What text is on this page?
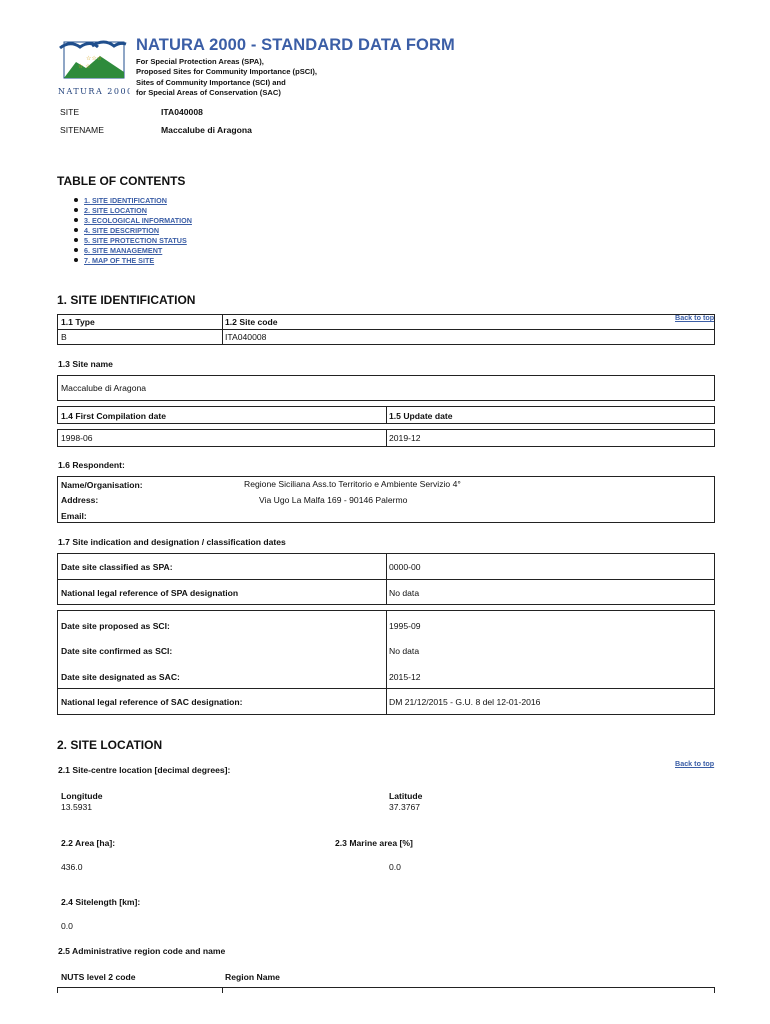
☆☆☆
☆ ☆
NATURA 2000
NATURA 2000 - STANDARD DATA FORM
For Special Protection Areas (SPA),
Proposed Sites for Community Importance (pSCI),
Sites of Community Importance (SCI) and
for Special Areas of Conservation (SAC)
SITE	ITA040008
SITENAME	Maccalube di Aragona
TABLE OF CONTENTS
1. SITE IDENTIFICATION
2. SITE LOCATION
3. ECOLOGICAL INFORMATION
4. SITE DESCRIPTION
5. SITE PROTECTION STATUS
6. SITE MANAGEMENT
7. MAP OF THE SITE
1. SITE IDENTIFICATION
Back to top
1.1 Type	1.2 Site code
B	ITA040008
1.3 Site name
Maccalube di Aragona
1.4 First Compilation date	1.5 Update date
1998-06	2019-12
1.6 Respondent:
Name/Organisation:	Regione Siciliana Ass.to Territorio e Ambiente Servizio 4°
Address:	Via Ugo La Malfa 169 - 90146 Palermo
Email:
1.7 Site indication and designation / classification dates
Date site classified as SPA:	0000-00
National legal reference of SPA designation	No data
Date site proposed as SCI:	1995-09
Date site confirmed as SCI:	No data
Date site designated as SAC:	2015-12
National legal reference of SAC designation:	DM 21/12/2015 - G.U. 8 del 12-01-2016
2. SITE LOCATION
Back to top
2.1 Site-centre location [decimal degrees]:
Longitude
13.5931
Latitude
37.3767
2.2 Area [ha]:	2.3 Marine area [%]
436.0	0.0
2.4 Sitelength [km]:
0.0
2.5 Administrative region code and name
NUTS level 2 code	Region Name
